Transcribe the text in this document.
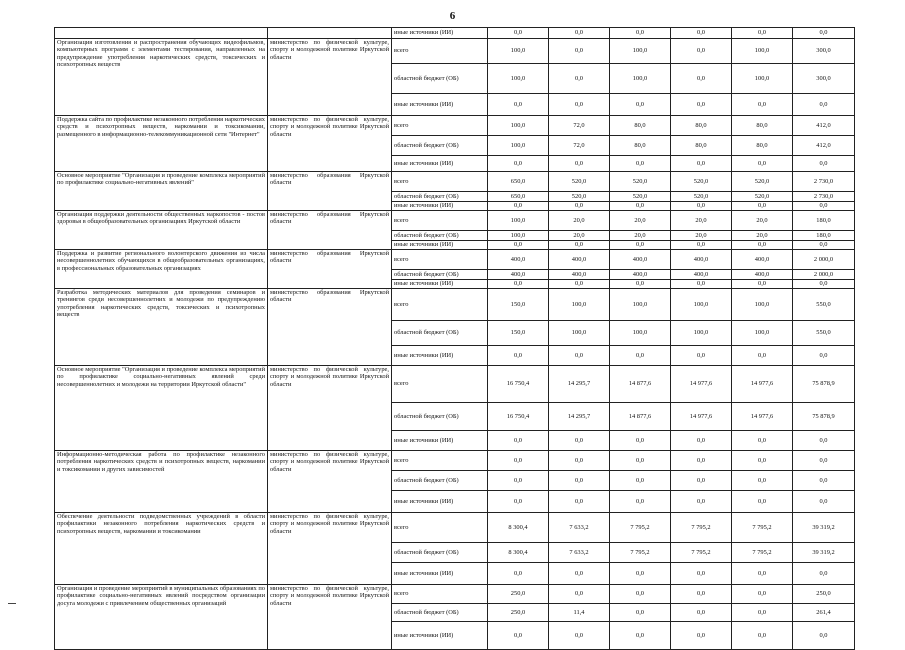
6
		иные источники (ИИ)	0,0	0,0	0,0	0,0	0,0	0,0
Организация изготовления и распространения обучающих видеофильмов, компьютерных программ с элементами тестирования, направленных на предупреждение употребления наркотических средств, токсических и психотропных веществ	министерство по физической культуре, спорту и молодежной политике Иркутской области	всего	100,0	0,0	100,0	0,0	100,0	300,0
		областной бюджет (ОБ)	100,0	0,0	100,0	0,0	100,0	300,0
		иные источники (ИИ)	0,0	0,0	0,0	0,0	0,0	0,0
Поддержка сайта по профилактике незаконного потребления наркотических средств и психотропных веществ, наркомании и токсикомании, размещенного в информационно-телекоммуникационной сети "Интернет"	министерство по физической культуре, спорту и молодежной политике Иркутской области	всего	100,0	72,0	80,0	80,0	80,0	412,0
		областной бюджет (ОБ)	100,0	72,0	80,0	80,0	80,0	412,0
		иные источники (ИИ)	0,0	0,0	0,0	0,0	0,0	0,0
Основное мероприятие "Организация и проведение комплекса мероприятий по профилактике социально-негативных явлений"	министерство образования Иркутской области	всего	650,0	520,0	520,0	520,0	520,0	2 730,0
		областной бюджет (ОБ)	650,0	520,0	520,0	520,0	520,0	2 730,0
		иные источники (ИИ)	0,0	0,0	0,0	0,0	0,0	0,0
Организация поддержки деятельности общественных наркопостов - постов здоровья в общеобразовательных организациях Иркутской области	министерство образования Иркутской области	всего	100,0	20,0	20,0	20,0	20,0	180,0
		областной бюджет (ОБ)	100,0	20,0	20,0	20,0	20,0	180,0
		иные источники (ИИ)	0,0	0,0	0,0	0,0	0,0	0,0
Поддержка и развитие регионального волонтерского движения из числа несовершеннолетних обучающихся в общеобразовательных организациях, в профессиональных образовательных организациях	министерство образования Иркутской области	всего	400,0	400,0	400,0	400,0	400,0	2 000,0
		областной бюджет (ОБ)	400,0	400,0	400,0	400,0	400,0	2 000,0
		иные источники (ИИ)	0,0	0,0	0,0	0,0	0,0	0,0
Разработка методических материалов для проведения семинаров и тренингов среди несовершеннолетних и молодежи по предупреждению употребления наркотических средств, токсических и психотропных веществ	министерство образования Иркутской области	всего	150,0	100,0	100,0	100,0	100,0	550,0
		областной бюджет (ОБ)	150,0	100,0	100,0	100,0	100,0	550,0
		иные источники (ИИ)	0,0	0,0	0,0	0,0	0,0	0,0
Основное мероприятие "Организация и проведение комплекса мероприятий по профилактике социально-негативных явлений среди несовершеннолетних и молодежи на территории Иркутской области"	министерство по физической культуре, спорту и молодежной политике Иркутской области	всего	16 750,4	14 295,7	14 877,6	14 977,6	14 977,6	75 878,9
		областной бюджет (ОБ)	16 750,4	14 295,7	14 877,6	14 977,6	14 977,6	75 878,9
		иные источники (ИИ)	0,0	0,0	0,0	0,0	0,0	0,0
Информационно-методическая работа по профилактике незаконного потребления наркотических средств и психотропных веществ, наркомании и токсикомании и других зависимостей	министерство по физической культуре, спорту и молодежной политике Иркутской области	всего	0,0	0,0	0,0	0,0	0,0	0,0
		областной бюджет (ОБ)	0,0	0,0	0,0	0,0	0,0	0,0
		иные источники (ИИ)	0,0	0,0	0,0	0,0	0,0	0,0
Обеспечение деятельности подведомственных учреждений в области профилактики незаконного потребления наркотических средств и психотропных веществ, наркомании и токсикомании	министерство по физической культуре, спорту и молодежной политике Иркутской области	всего	8 300,4	7 633,2	7 795,2	7 795,2	7 795,2	39 319,2
		областной бюджет (ОБ)	8 300,4	7 633,2	7 795,2	7 795,2	7 795,2	39 319,2
		иные источники (ИИ)	0,0	0,0	0,0	0,0	0,0	0,0
Организация и проведение мероприятий в муниципальных образованиях по профилактике социально-негативных явлений посредством организации досуга молодежи с привлечением общественных организаций	министерство по физической культуре, спорту и молодежной политике Иркутской области	всего	250,0	0,0	0,0	0,0	0,0	250,0
		областной бюджет (ОБ)	250,0	11,4	0,0	0,0	0,0	261,4
		иные источники (ИИ)	0,0	0,0	0,0	0,0	0,0	0,0
